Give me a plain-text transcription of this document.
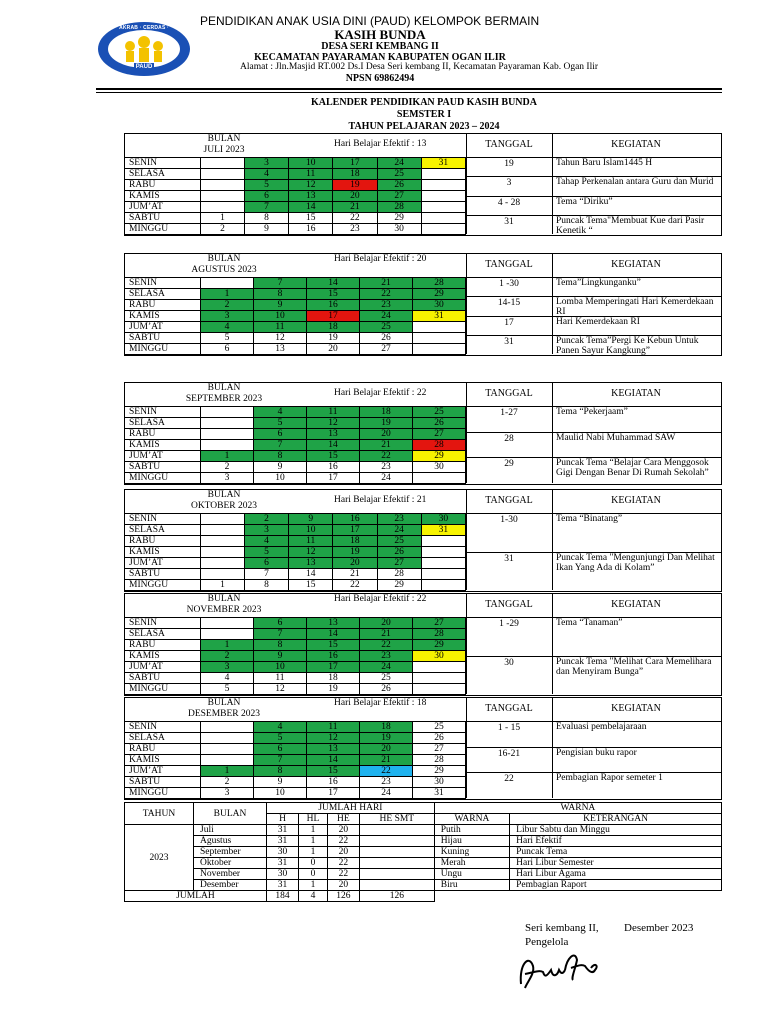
AKRAB · CERDAS · CERIA
PAUD
PENDIDIKAN ANAK USIA DINI (PAUD) KELOMPOK BERMAIN
KASIH BUNDA
DESA SERI KEMBANG II
KECAMATAN PAYARAMAN KABUPATEN OGAN ILIR
Alamat : Jln.Masjid RT.002 Ds.I Desa Seri kembang II, Kecamatan Payaraman Kab. Ogan Ilir
NPSN 69862494
KALENDER PENDIDIKAN PAUD KASIH BUNDA
SEMSTER I
TAHUN PELAJARAN 2023 – 2024
BULAN
JULI 2023
Hari Belajar Efektif : 13	TANGGAL	KEGIATAN
SENIN		3	10	17	24	31
SELASA		4	11	18	25	
RABU		5	12	19	26	
KAMIS		6	13	20	27	
JUM’AT		7	14	21	28	
SABTU	1	8	15	22	29	
MINGGU	2	9	16	23	30	
19	Tahun Baru Islam1445 H
3	Tahap Perkenalan antara Guru dan Murid
4 - 28	Tema “Diriku”
31	Puncak Tema"Membuat Kue dari Pasir Kenetik “
BULAN
AGUSTUS 2023
Hari Belajar Efektif : 20	TANGGAL	KEGIATAN
SENIN		7	14	21	28
SELASA	1	8	15	22	29
RABU	2	9	16	23	30
KAMIS	3	10	17	24	31
JUM’AT	4	11	18	25	
SABTU	5	12	19	26	
MINGGU	6	13	20	27	
1 -30	Tema”Lingkunganku”
14-15	Lomba Memperingati Hari Kemerdekaan RI
17	Hari Kemerdekaan RI
31	Puncak Tema”Pergi Ke Kebun Untuk Panen Sayur Kangkung”
BULAN
SEPTEMBER 2023
Hari Belajar Efektif : 22	TANGGAL	KEGIATAN
SENIN		4	11	18	25
SELASA		5	12	19	26
RABU		6	13	20	27
KAMIS		7	14	21	28
JUM’AT	1	8	15	22	29
SABTU	2	9	16	23	30
MINGGU	3	10	17	24	
1-27	Tema “Pekerjaam”
28	Maulid Nabi Muhammad SAW
29	Puncak Tema “Belajar Cara Menggosok Gigi Dengan Benar Di Rumah Sekolah”
BULAN
OKTOBER 2023
Hari Belajar Efektif : 21	TANGGAL	KEGIATAN
SENIN		2	9	16	23	30
SELASA		3	10	17	24	31
RABU		4	11	18	25	
KAMIS		5	12	19	26	
JUM’AT		6	13	20	27	
SABTU		7	14	21	28	
MINGGU	1	8	15	22	29	
1-30	Tema “Binatang”
31	Puncak Tema "Mengunjungi Dan Melihat Ikan Yang Ada di Kolam”
BULAN
NOVEMBER 2023
Hari Belajar Efektif : 22	TANGGAL	KEGIATAN
SENIN		6	13	20	27
SELASA		7	14	21	28
RABU	1	8	15	22	29
KAMIS	2	9	16	23	30
JUM’AT	3	10	17	24	
SABTU	4	11	18	25	
MINGGU	5	12	19	26	
1 -29	Tema “Tanaman”
30	Puncak Tema "Melihat Cara Memelihara dan Menyiram Bunga”
BULAN
DESEMBER 2023
Hari Belajar Efektif : 18	TANGGAL	KEGIATAN
SENIN		4	11	18	25
SELASA		5	12	19	26
RABU		6	13	20	27
KAMIS		7	14	21	28
JUM’AT	1	8	15	22	29
SABTU	2	9	16	23	30
MINGGU	3	10	17	24	31
1 - 15	Evaluasi pembelajaraan
16-21	Pengisian buku rapor
22	Pembagian Rapor semeter 1
TAHUN	BULAN	JUMLAH HARI				WARNA	
		H	HL	HE	HE SMT	WARNA	KETERANGAN
2023	Juli	31	1	20		Putih	Libur Sabtu dan Minggu
	Agustus	31	1	22		Hijau	Hari Efektif
	September	30	1	20		Kuning	Puncak Tema
	Oktober	31	0	22		Merah	Hari Libur Semester
	November	30	0	22		Ungu	Hari Libur Agama
	Desember	31	1	20		Biru	Pembagian Raport
JUMLAH		184	4	126	126		
Seri kembang II, Desember 2023
Pengelola
